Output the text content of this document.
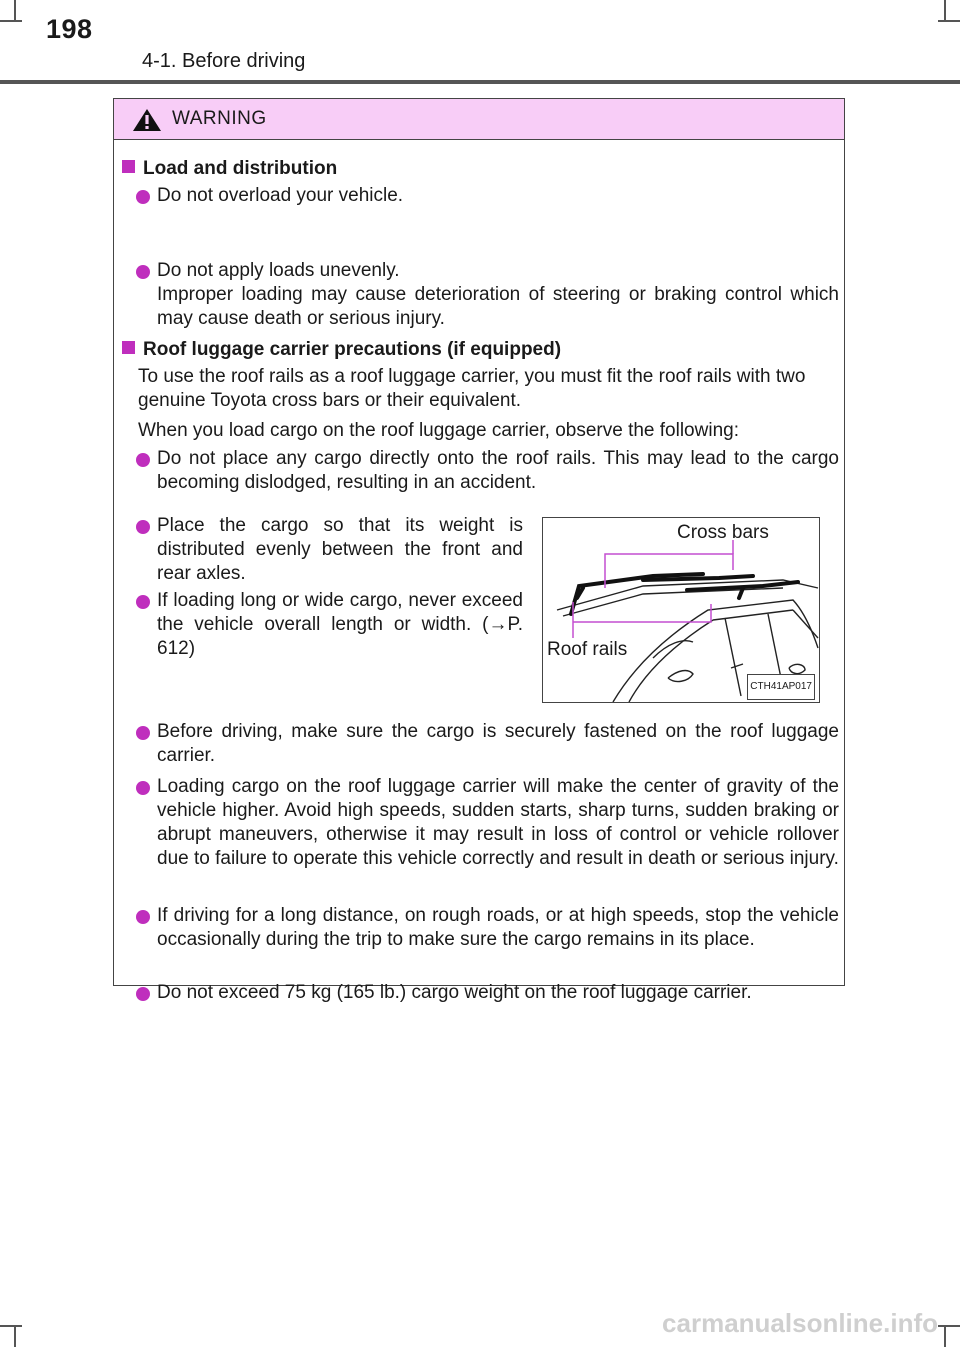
198
4-1. Before driving
WARNING
Load and distribution
Do not overload your vehicle.
Do not apply loads unevenly.
Improper loading may cause deterioration of steering or braking control which may cause death or serious injury.
Roof luggage carrier precautions (if equipped)
To use the roof rails as a roof luggage carrier, you must fit the roof rails with two genuine Toyota cross bars or their equivalent.
When you load cargo on the roof luggage carrier, observe the following:
Do not place any cargo directly onto the roof rails. This may lead to the cargo becoming dislodged, resulting in an accident.
Place the cargo so that its weight is distributed evenly between the front and rear axles.
If loading long or wide cargo, never exceed the vehicle overall length or width. (→P. 612)
Cross bars
Roof rails
CTH41AP017
Before driving, make sure the cargo is securely fastened on the roof luggage carrier.
Loading cargo on the roof luggage carrier will make the center of gravity of the vehicle higher. Avoid high speeds, sudden starts, sharp turns, sudden braking or abrupt maneuvers, otherwise it may result in loss of control or vehicle rollover due to failure to operate this vehicle correctly and result in death or serious injury.
If driving for a long distance, on rough roads, or at high speeds, stop the vehicle occasionally during the trip to make sure the cargo remains in its place.
Do not exceed 75 kg (165 lb.) cargo weight on the roof luggage carrier.
carmanualsonline.info
